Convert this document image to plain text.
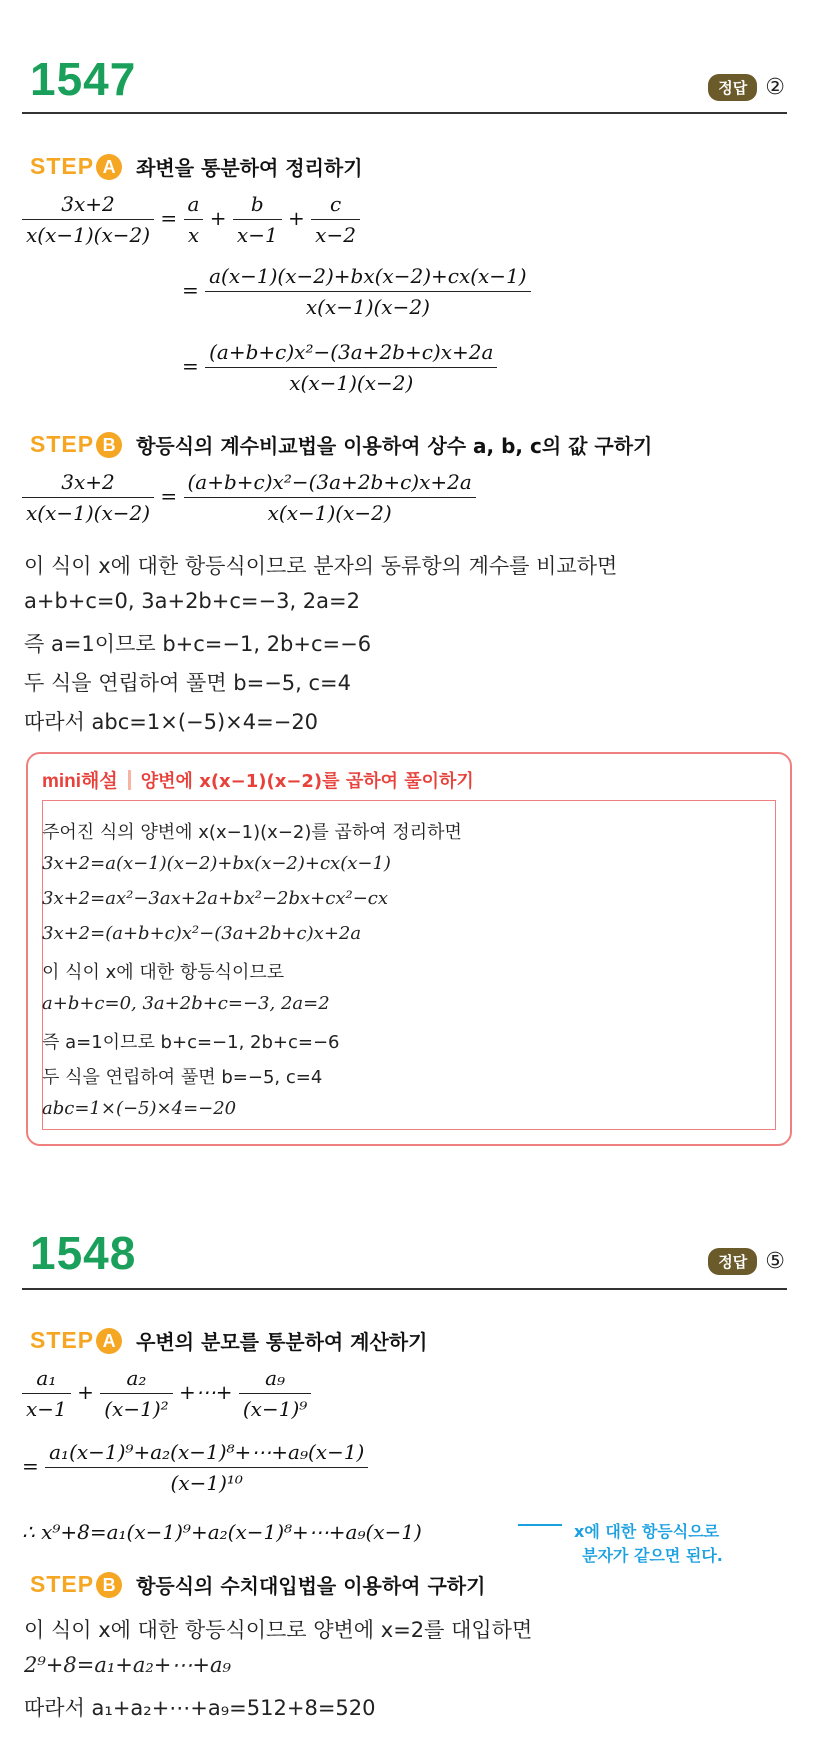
1547	정답 ②
STEP A	좌변을 통분하여 정리하기
$\frac{3x+2}{x(x-1)(x-2)} = \frac{a}{x} + \frac{b}{x-1} + \frac{c}{x-2}$
= $\frac{a(x-1)(x-2)+bx(x-2)+cx(x-1)}{x(x-1)(x-2)}$
= $\frac{\text{(a+b+c)x²−(3a+2b+c)x+2a}}{x(x-1)(x-2)}$
STEP B	항등식의 계수비교법을 이용하여 상수 a, b, c의 값 구하기
$\frac{3x+2}{x(x-1)(x-2)} = \frac{\text{(a+b+c)x²−(3a+2b+c)x+2a}}{x(x-1)(x-2)}$
이 식이 x에 대한 항등식이므로 분자의 동류항의 계수를 비교하면
a+b+c=0, 3a+2b+c=−3, 2a=2
즉 a=1이므로 b+c=−1, 2b+c=−6
두 식을 연립하여 풀면 b=−5, c=4
따라서 abc=1×(−5)×4=−20
mini해설 양변에 x(x−1)(x−2)를 곱하여 풀이하기
주어진 식의 양변에 x(x−1)(x−2)를 곱하여 정리하면
3x+2=a(x−1)(x−2)+bx(x−2)+cx(x−1)
3x+2=ax²−3ax+2a+bx²−2bx+cx²−cx
3x+2=(a+b+c)x²−(3a+2b+c)x+2a
이 식이 x에 대한 항등식이므로
a+b+c=0, 3a+2b+c=−3, 2a=2
즉 a=1이므로 b+c=−1, 2b+c=−6
두 식을 연립하여 풀면 b=−5, c=4
abc=1×(−5)×4=−20
1548	정답 ⑤
STEP A	우변의 분모를 통분하여 계산하기
$\frac{\text{a₁}}{x-1} + \frac{\text{a₂}}{\text{(x−1)²}}$ +⋯+ $\frac{\text{a₉}}{\text{(x−1)⁹}}$
= $\frac{\text{a₁(x−1)⁹+a₂(x−1)⁸+⋯+a₉(x−1)}}{\text{(x−1)¹⁰}}$
∴ x⁹+8=a₁(x−1)⁹+a₂(x−1)⁸+⋯+a₉(x−1)	x에 대한 항등식으로
분자가 같으면 된다.
STEP B	항등식의 수치대입법을 이용하여 구하기
이 식이 x에 대한 항등식이므로 양변에 x=2를 대입하면
2⁹+8=a₁+a₂+⋯+a₉
따라서 a₁+a₂+⋯+a₉=512+8=520
